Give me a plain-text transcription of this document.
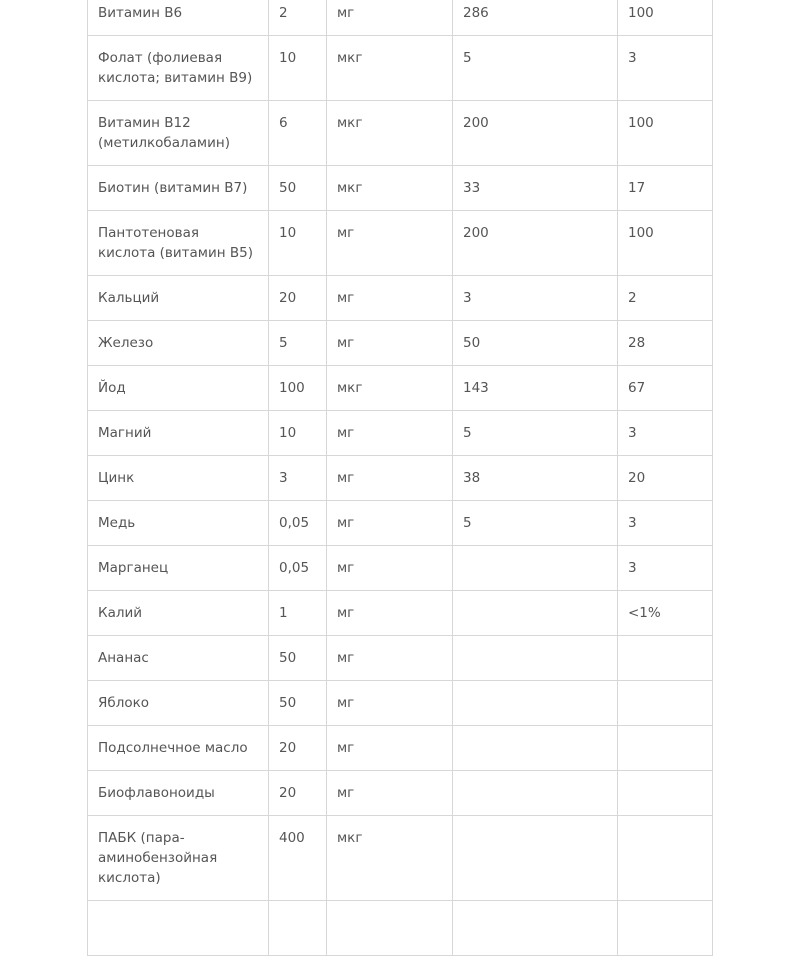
Витамин В6	2	мг	286	100
Фолат (фолиевая кислота; витамин В9)	10	мкг	5	3
Витамин В12 (метилкобаламин)	6	мкг	200	100
Биотин (витамин В7)	50	мкг	33	17
Пантотеновая кислота (витамин В5)	10	мг	200	100
Кальций	20	мг	3	2
Железо	5	мг	50	28
Йод	100	мкг	143	67
Магний	10	мг	5	3
Цинк	3	мг	38	20
Медь	0,05	мг	5	3
Марганец	0,05	мг		3
Калий	1	мг		<1%
Ананас	50	мг		
Яблоко	50	мг		
Подсолнечное масло	20	мг		
Биофлавоноиды	20	мг		
ПАБК (пара-аминобензойная кислота)	400	мкг		
